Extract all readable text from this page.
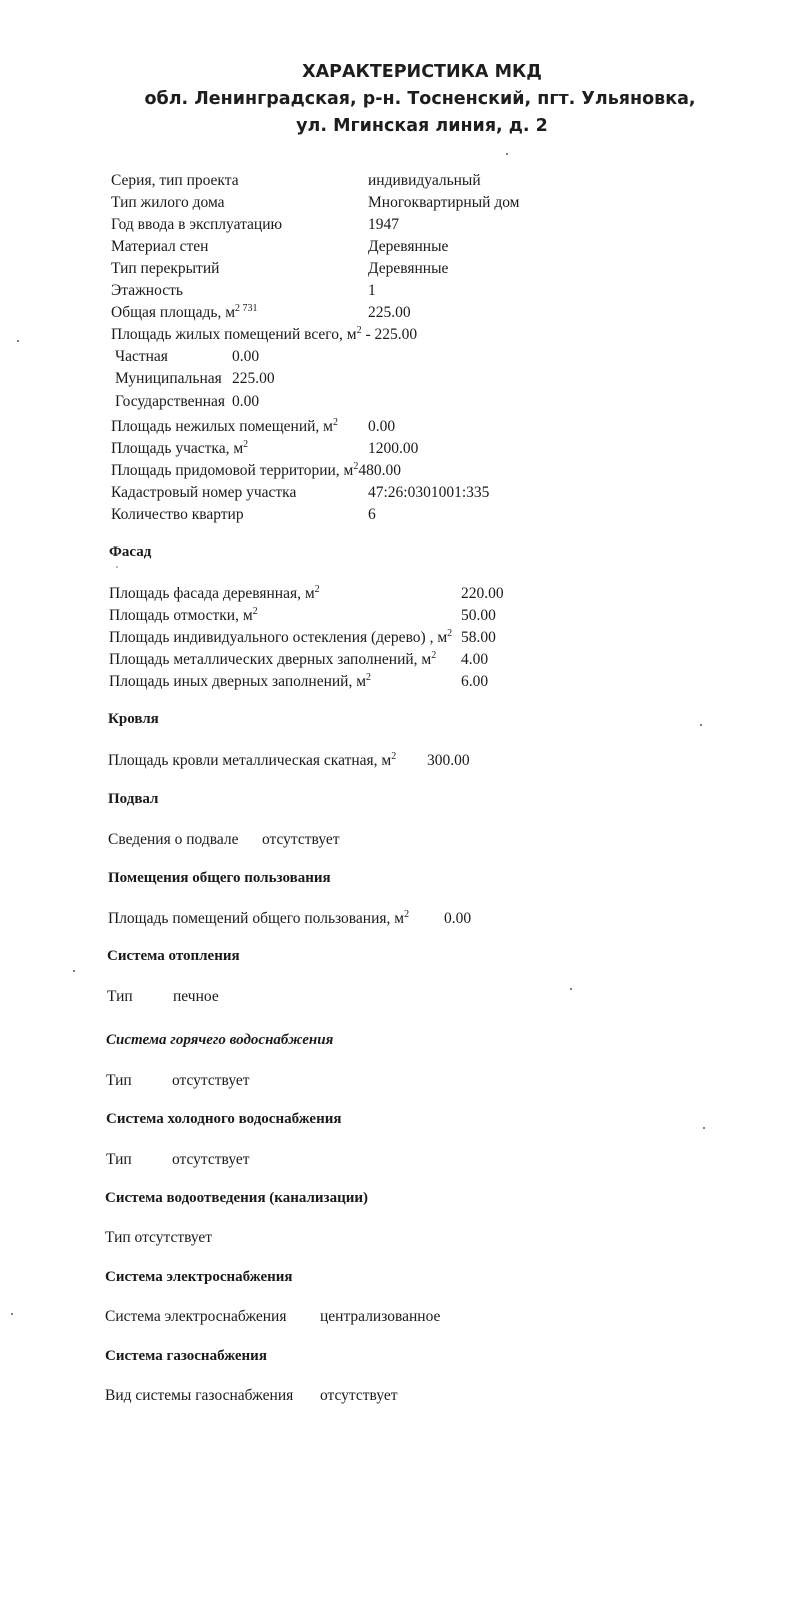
ХАРАКТЕРИСТИКА МКД
обл. Ленинградская, р-н. Тосненский, пгт. Ульяновка,
ул. Мгинская линия, д. 2
Серия, тип проекта	индивидуальный
Тип жилого дома	Многоквартирный дом
Год ввода в эксплуатацию	1947
Материал стен	Деревянные
Тип перекрытий	Деревянные
Этажность	1
Общая площадь, $м^{2 731}$	225.00
Площадь жилых помещений всего, $м^2 - 225.00$
Частная	0.00
Муниципальная 225.00
Государственная 0.00
Площадь нежилых помещений, $м^2$ 0.00
Площадь участка, $м^2$	1200.00
Площадь придомовой территории, $м^2480.00$
Кадастровый номер участка	47:26:0301001:335
Количество квартир	6
Фасад
Площадь фасада деревянная, $м^2$	220.00
Площадь отмостки, $м^2$	50.00
Площадь индивидуального остекления (дерево) , $м^2$ 58.00
Площадь металлических дверных заполнений, $м^2$ 4.00
Площадь иных дверных заполнений, $м^2$	6.00
Кровля
Площадь кровли металлическая скатная, $м^2$ 300.00
Подвал
Сведения о подвале отсутствует
Помещения общего пользования
Площадь помещений общего пользования, $м^2$ 0.00
Система отопления
Тип	печное
Система горячего водоснабжения
Тип	отсутствует
Система холодного водоснабжения
Тип	отсутствует
Система водоотведения (канализации)
Тип отсутствует
Система электроснабжения
Система электроснабжения централизованное
Система газоснабжения
Вид системы газоснабжения отсутствует
